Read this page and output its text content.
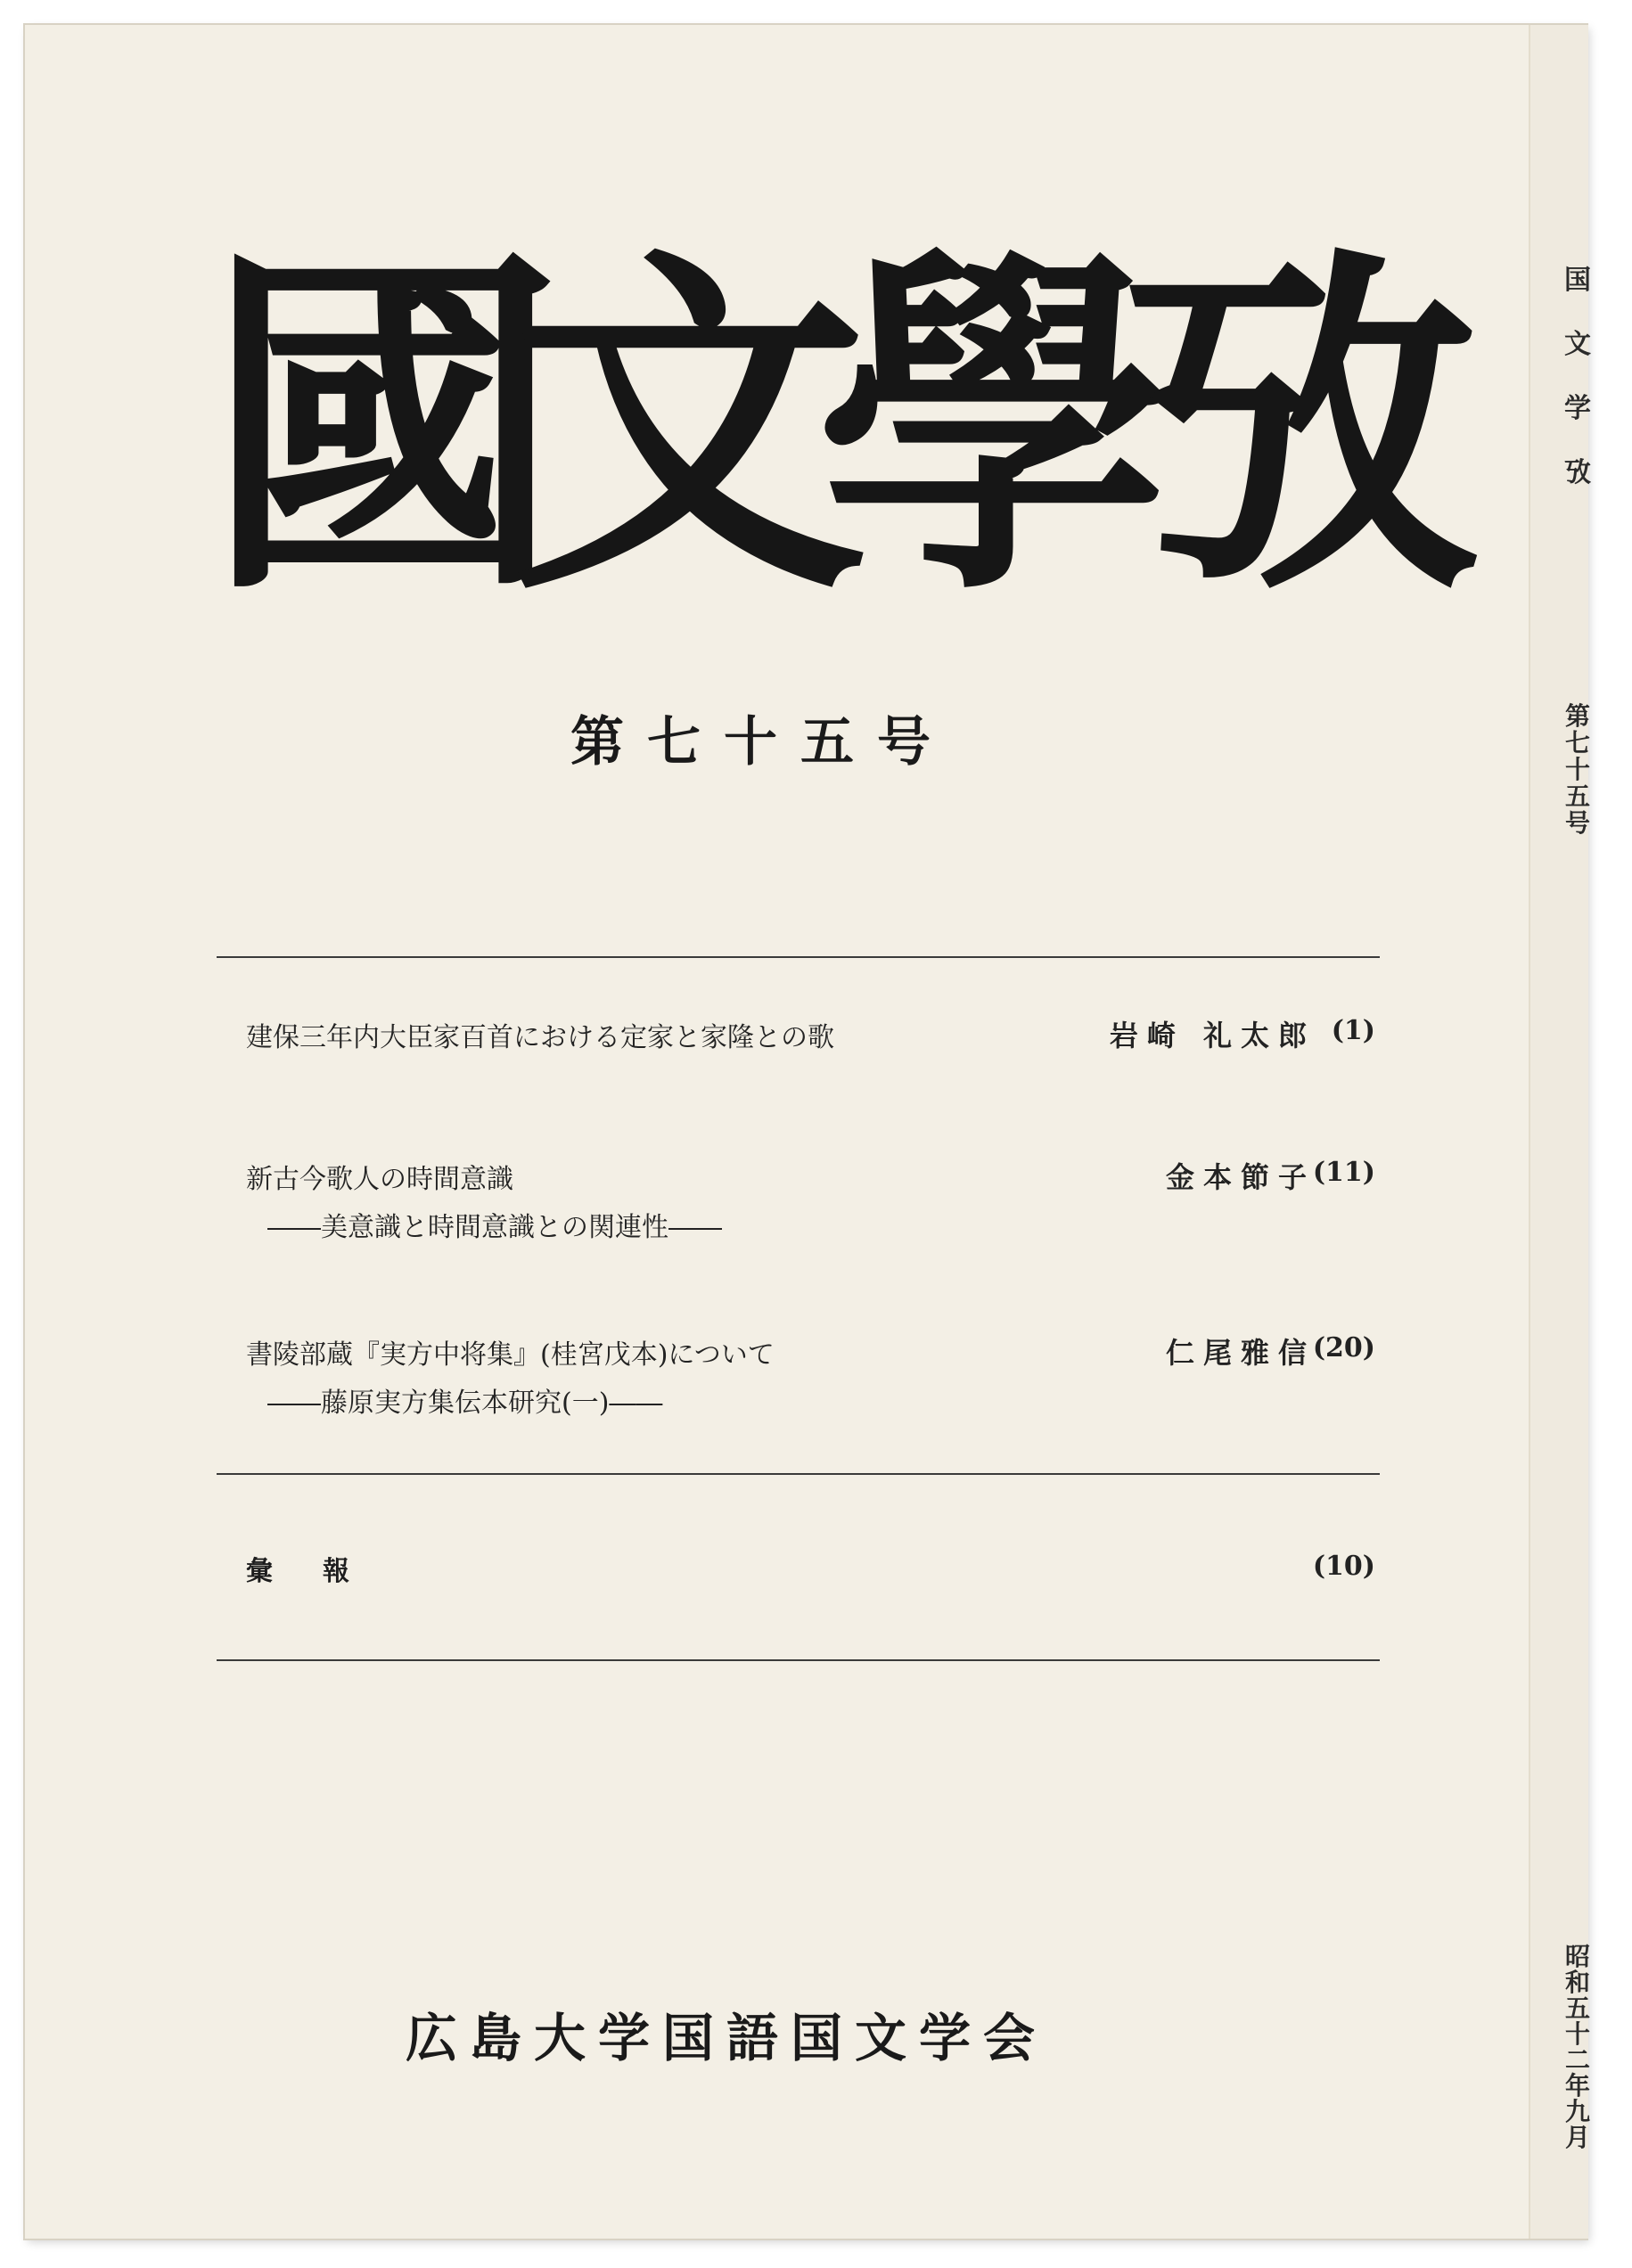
國
文
學
攷
第七十五号
建保三年内大臣家百首における定家と家隆との歌	岩崎 礼太郎 (1)
新古今歌人の時間意識
――美意識と時間意識との関連性――
金本節子
(11)
書陵部蔵『実方中将集』(桂宮戊本)について
――藤原実方集伝本研究(一)――
仁尾雅信
(20)
彙報	(10)
広島大学国語国文学会
国
文
学
攷
第
七
十
五
号
昭
和
五
十
二
年
九
月
